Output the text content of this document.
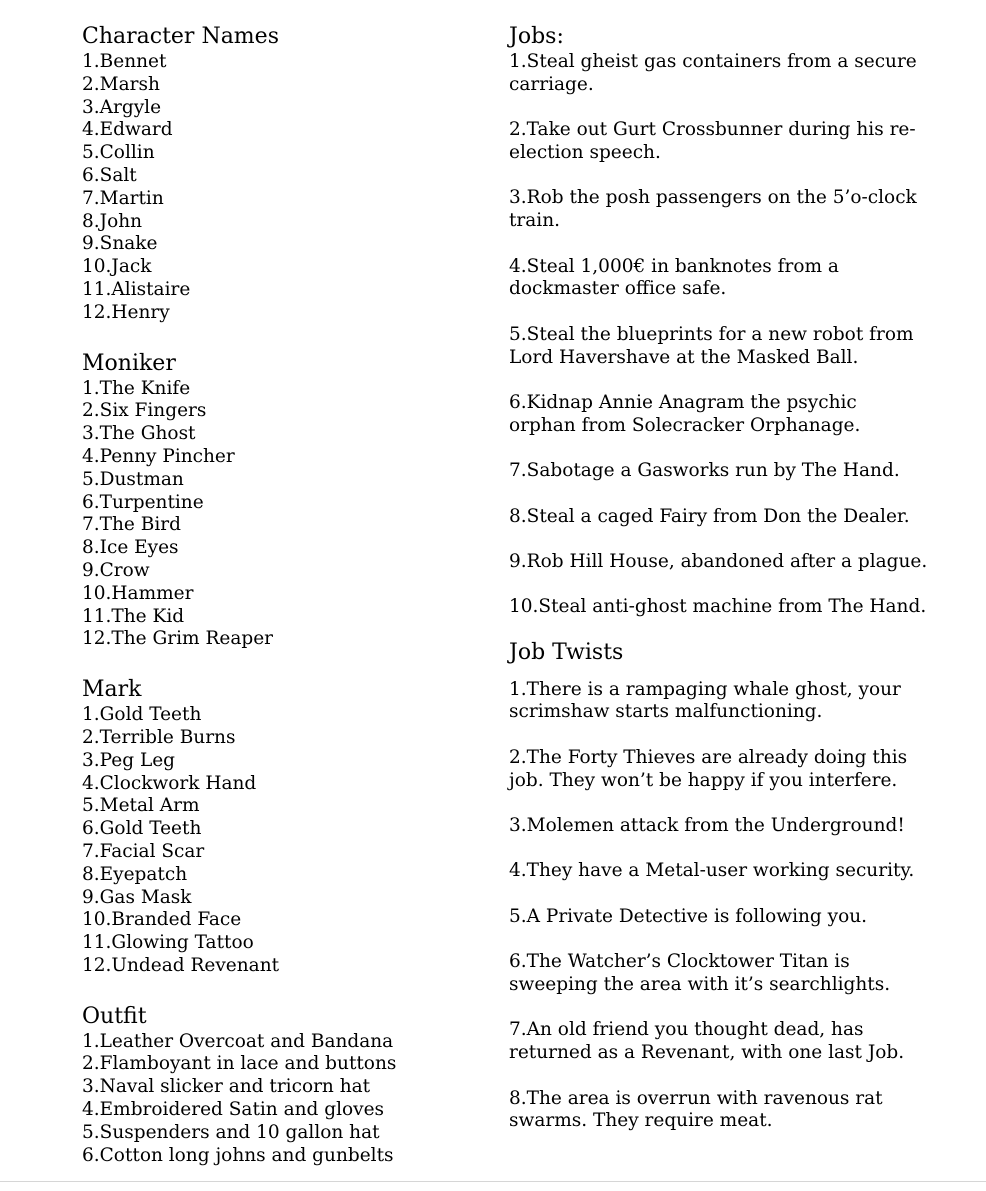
Character Names
1.Bennet
2.Marsh
3.Argyle
4.Edward
5.Collin
6.Salt
7.Martin
8.John
9.Snake
10.Jack
11.Alistaire
12.Henry
Moniker
1.The Knife
2.Six Fingers
3.The Ghost
4.Penny Pincher
5.Dustman
6.Turpentine
7.The Bird
8.Ice Eyes
9.Crow
10.Hammer
11.The Kid
12.The Grim Reaper
Mark
1.Gold Teeth
2.Terrible Burns
3.Peg Leg
4.Clockwork Hand
5.Metal Arm
6.Gold Teeth
7.Facial Scar
8.Eyepatch
9.Gas Mask
10.Branded Face
11.Glowing Tattoo
12.Undead Revenant
Outfit
1.Leather Overcoat and Bandana
2.Flamboyant in lace and buttons
3.Naval slicker and tricorn hat
4.Embroidered Satin and gloves
5.Suspenders and 10 gallon hat
6.Cotton long johns and gunbelts
Jobs:
1.Steal gheist gas containers from a secure carriage.
2.Take out Gurt Crossbunner during his re-election speech.
3.Rob the posh passengers on the 5’o-clock train.
4.Steal 1,000€ in banknotes from a dockmaster office safe.
5.Steal the blueprints for a new robot from Lord Havershave at the Masked Ball.
6.Kidnap Annie Anagram the psychic orphan from Solecracker Orphanage.
7.Sabotage a Gasworks run by The Hand.
8.Steal a caged Fairy from Don the Dealer.
9.Rob Hill House, abandoned after a plague.
10.Steal anti-ghost machine from The Hand.
Job Twists
1.There is a rampaging whale ghost, your scrimshaw starts malfunctioning.
2.The Forty Thieves are already doing this job. They won’t be happy if you interfere.
3.Molemen attack from the Underground!
4.They have a Metal-user working security.
5.A Private Detective is following you.
6.The Watcher’s Clocktower Titan is sweeping the area with it’s searchlights.
7.An old friend you thought dead, has returned as a Revenant, with one last Job.
8.The area is overrun with ravenous rat swarms. They require meat.
